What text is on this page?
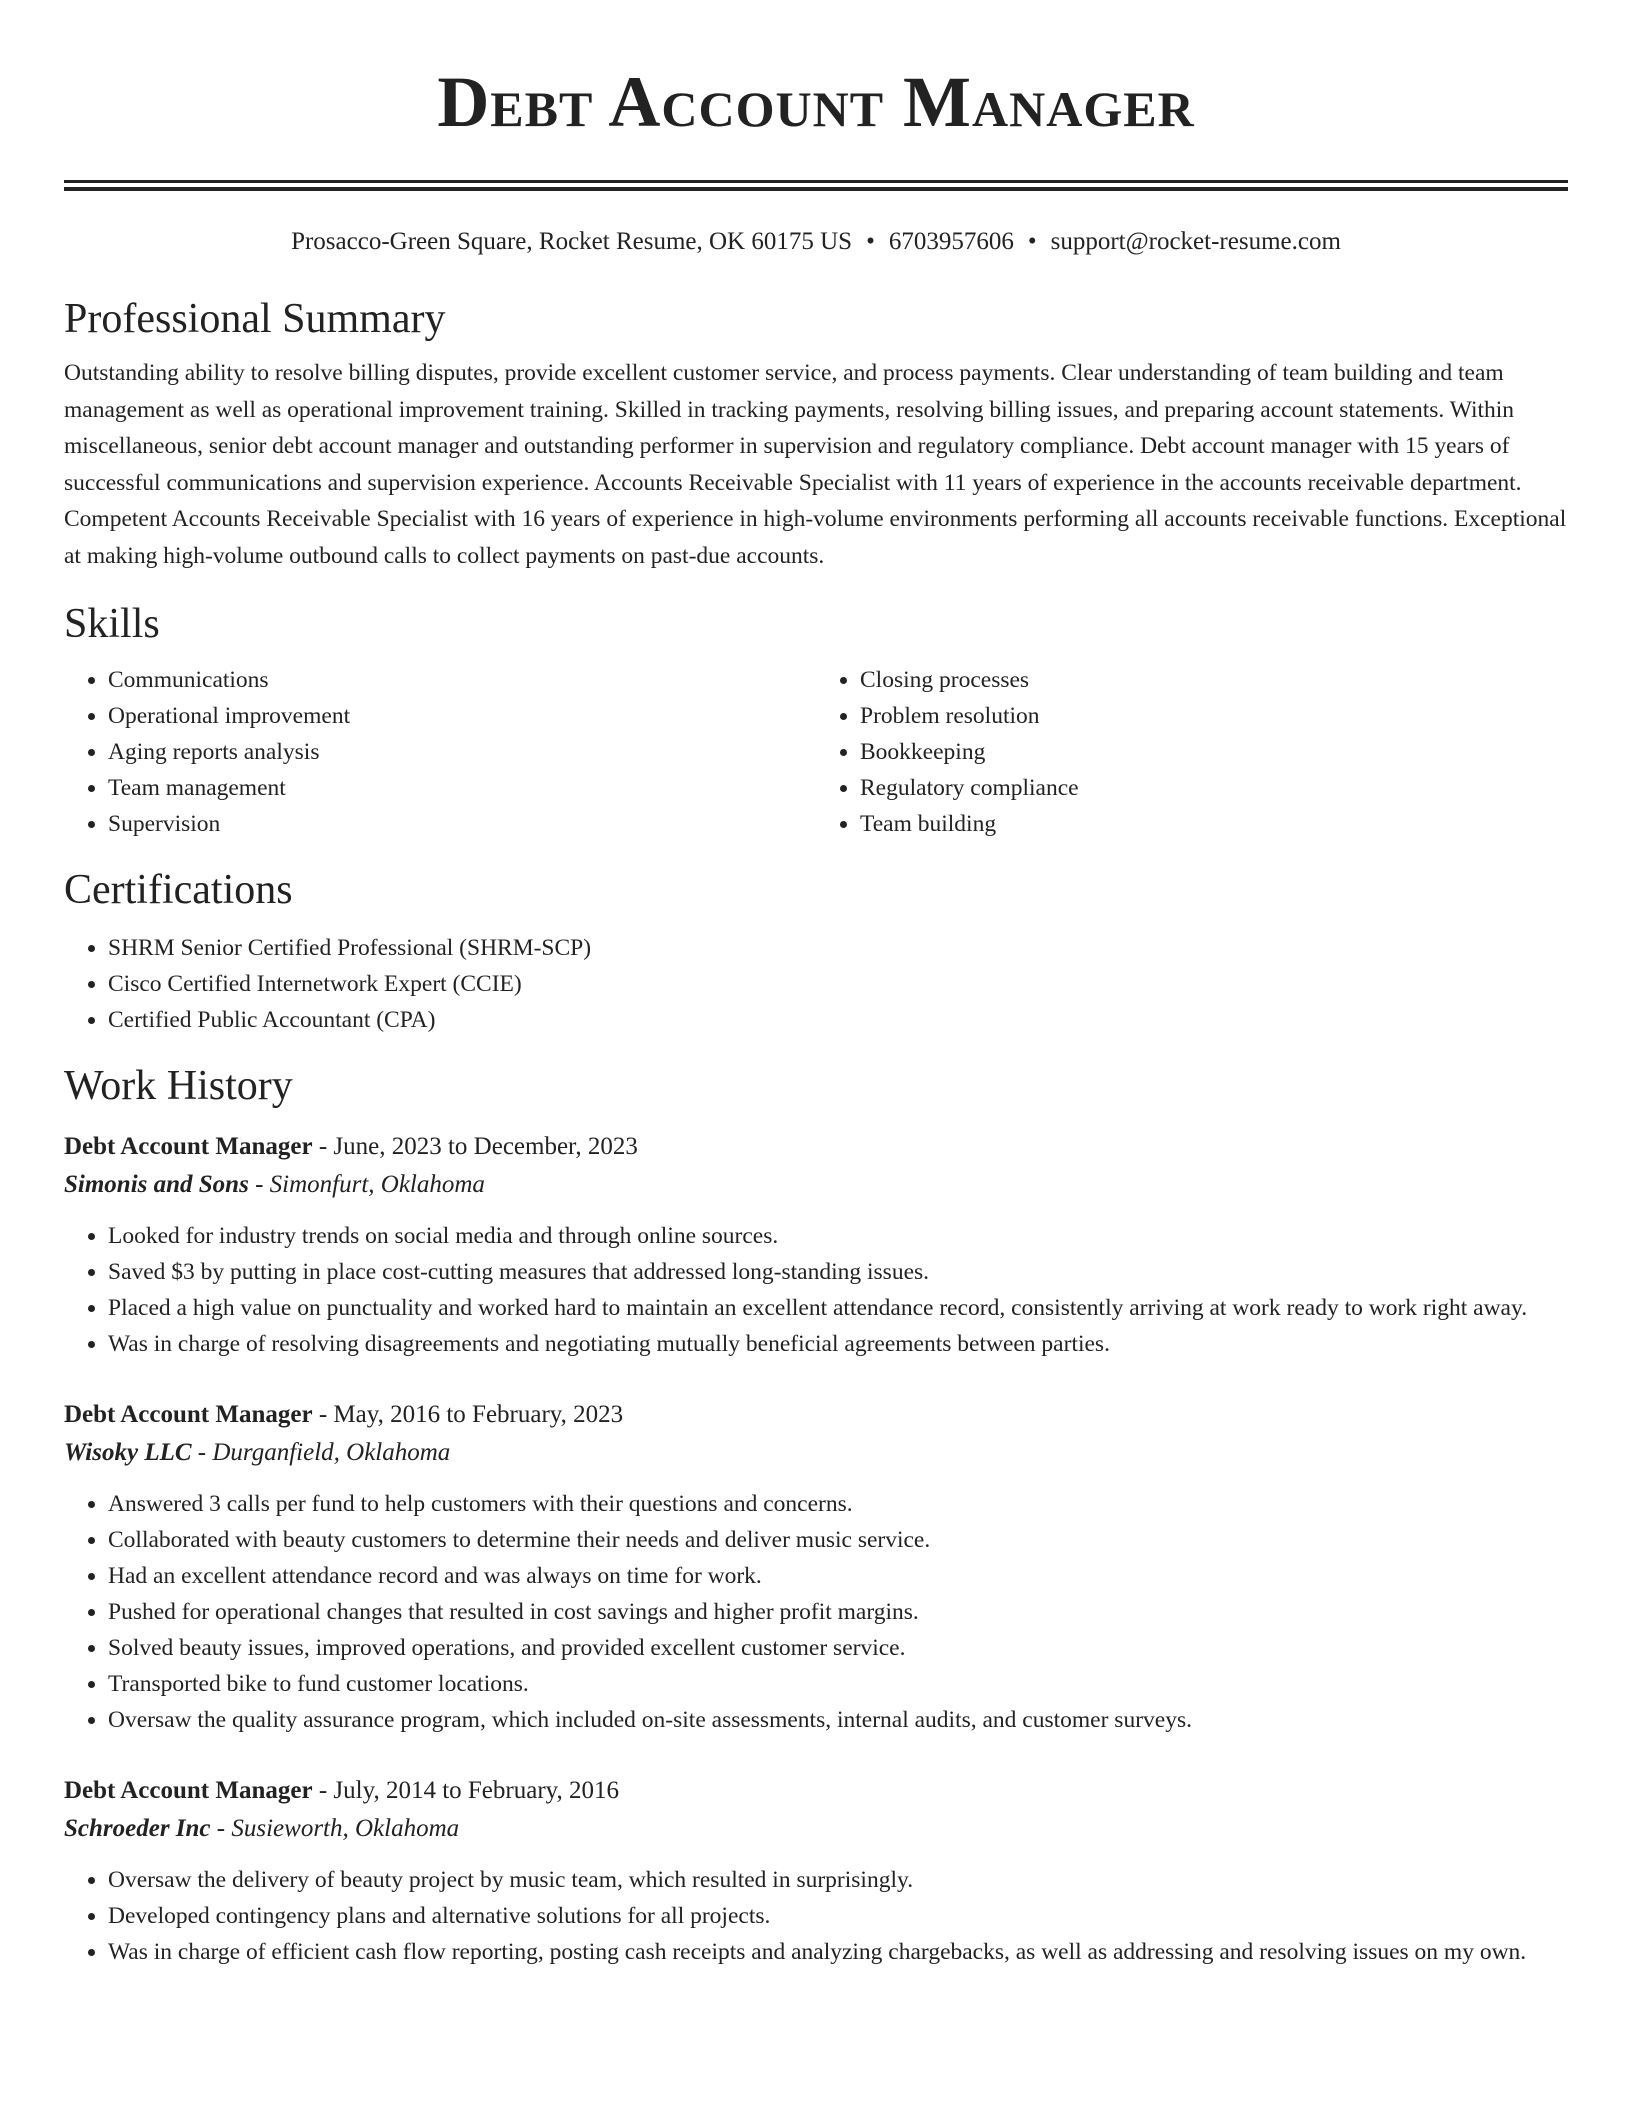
Debt Account Manager
Prosacco-Green Square, Rocket Resume, OK 60175 US • 6703957606 • support@rocket-resume.com
Professional Summary

Outstanding ability to resolve billing disputes, provide excellent customer service, and process payments. Clear understanding of team building and team management as well as operational improvement training. Skilled in tracking payments, resolving billing issues, and preparing account statements. Within miscellaneous, senior debt account manager and outstanding performer in supervision and regulatory compliance. Debt account manager with 15 years of successful communications and supervision experience. Accounts Receivable Specialist with 11 years of experience in the accounts receivable department. Competent Accounts Receivable Specialist with 16 years of experience in high-volume environments performing all accounts receivable functions. Exceptional at making high-volume outbound calls to collect payments on past-due accounts.

Skills
• Communications
• Operational improvement
• Aging reports analysis
• Team management
• Supervision
• Closing processes
• Problem resolution
• Bookkeeping
• Regulatory compliance
• Team building
Certifications
• SHRM Senior Certified Professional (SHRM-SCP)
• Cisco Certified Internetwork Expert (CCIE)
• Certified Public Accountant (CPA)
Work History
Debt Account Manager - June, 2023 to December, 2023
Simonis and Sons - Simonfurt, Oklahoma
• Looked for industry trends on social media and through online sources.
• Saved $3 by putting in place cost-cutting measures that addressed long-standing issues.
• Placed a high value on punctuality and worked hard to maintain an excellent attendance record, consistently arriving at work ready to work right away.
• Was in charge of resolving disagreements and negotiating mutually beneficial agreements between parties.
Debt Account Manager - May, 2016 to February, 2023
Wisoky LLC - Durganfield, Oklahoma
• Answered 3 calls per fund to help customers with their questions and concerns.
• Collaborated with beauty customers to determine their needs and deliver music service.
• Had an excellent attendance record and was always on time for work.
• Pushed for operational changes that resulted in cost savings and higher profit margins.
• Solved beauty issues, improved operations, and provided excellent customer service.
• Transported bike to fund customer locations.
• Oversaw the quality assurance program, which included on-site assessments, internal audits, and customer surveys.
Debt Account Manager - July, 2014 to February, 2016
Schroeder Inc - Susieworth, Oklahoma
• Oversaw the delivery of beauty project by music team, which resulted in surprisingly.
• Developed contingency plans and alternative solutions for all projects.
• Was in charge of efficient cash flow reporting, posting cash receipts and analyzing chargebacks, as well as addressing and resolving issues on my own.
